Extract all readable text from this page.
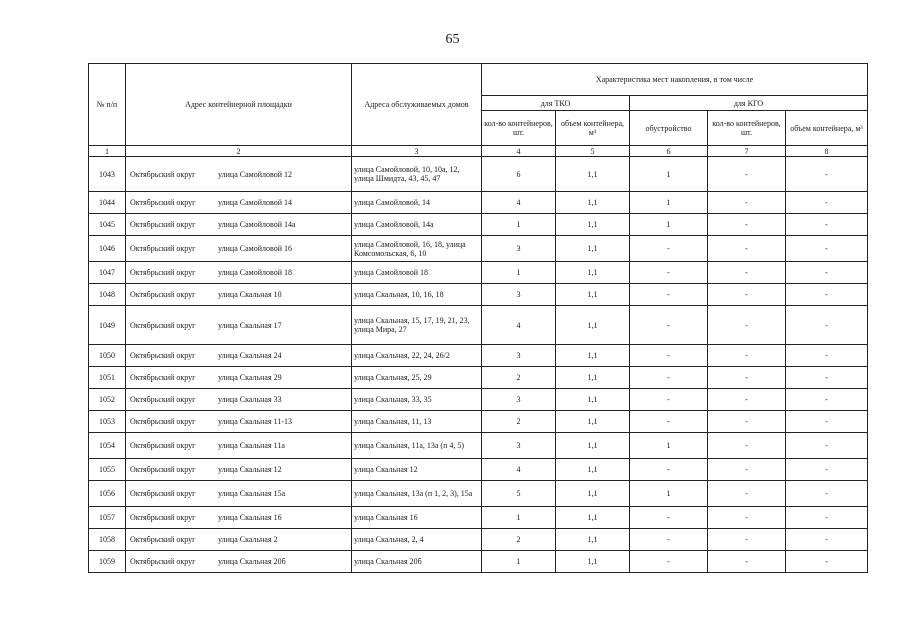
65
№ п/п	Адрес контейнерной площадки	Адреса обслуживаемых домов	Характеристика мест накопления, в том числе				
			для ТКО		для КГО		
			кол-во контейнеров, шт.	объем контейнера, м³	обустройство	кол-во контейнеров, шт.	объем контейнера, м³
1	2	3	4	5	6	7	8
1043	Октябрьский округ улица Самойловой 12	улица Самойловой, 10, 10а, 12, улица Шмидта, 43, 45, 47	6	1,1	1	-	-
1044	Октябрьский округ улица Самойловой 14	улица Самойловой, 14	4	1,1	1	-	-
1045	Октябрьский округ улица Самойловой 14а	улица Самойловой, 14а	1	1,1	1	-	-
1046	Октябрьский округ улица Самойловой 16	улица Самойловой, 16, 18, улица Комсомольская, 6, 10	3	1,1	-	-	-
1047	Октябрьский округ улица Самойловой 18	улица Самойловой 18	1	1,1	-	-	-
1048	Октябрьский округ улица Скальная 10	улица Скальная, 10, 16, 18	3	1,1	-	-	-
1049	Октябрьский округ улица Скальная 17	улица Скальная, 15, 17, 19, 21, 23, улица Мира, 27	4	1,1	-	-	-
1050	Октябрьский округ улица Скальная 24	улица Скальная, 22, 24, 26/2	3	1,1	-	-	-
1051	Октябрьский округ улица Скальная 29	улица Скальная, 25, 29	2	1,1	-	-	-
1052	Октябрьский округ улица Скальная 33	улица Скальная, 33, 35	3	1,1	-	-	-
1053	Октябрьский округ улица Скальная 11-13	улица Скальная, 11, 13	2	1,1	-	-	-
1054	Октябрьский округ улица Скальная 11а	улица Скальная, 11а, 13а (п 4, 5)	3	1,1	1	-	-
1055	Октябрьский округ улица Скальная 12	улица Скальная 12	4	1,1	-	-	-
1056	Октябрьский округ улица Скальная 15а	улица Скальная, 13а (п 1, 2, 3), 15а	5	1,1	1	-	-
1057	Октябрьский округ улица Скальная 16	улица Скальная 16	1	1,1	-	-	-
1058	Октябрьский округ улица Скальная 2	улица Скальная, 2, 4	2	1,1	-	-	-
1059	Октябрьский округ улица Скальная 20б	улица Скальная 20б	1	1,1	-	-	-
